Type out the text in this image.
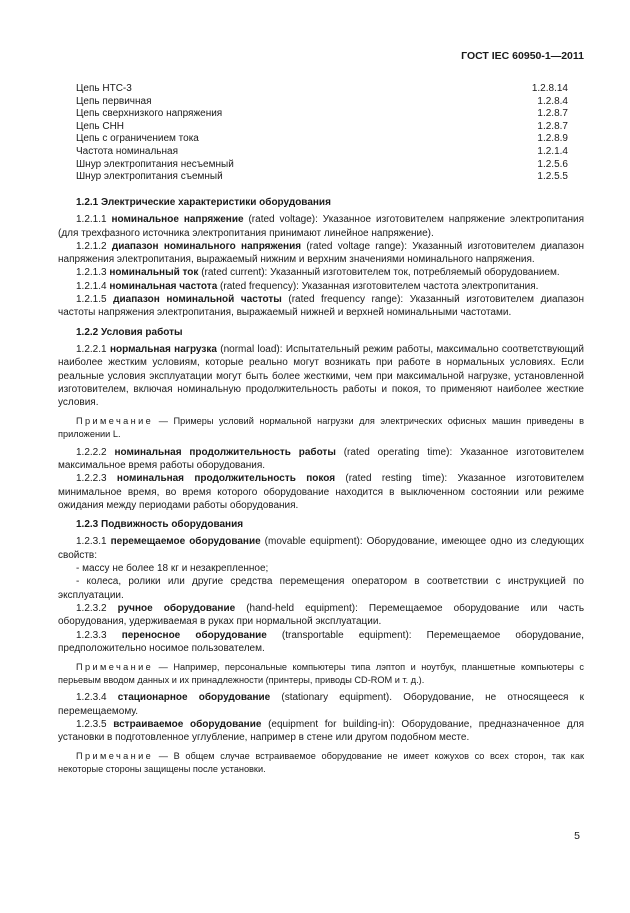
ГОСТ IEC 60950-1—2011
Цепь НТС-3	1.2.8.14
Цепь первичная	1.2.8.4
Цепь сверхнизкого напряжения	1.2.8.7
Цепь СНН	1.2.8.7
Цепь с ограничением тока	1.2.8.9
Частота номинальная	1.2.1.4
Шнур электропитания несъемный	1.2.5.6
Шнур электропитания съемный	1.2.5.5

1.2.1 Электрические характеристики оборудования

1.2.1.1 номинальное напряжение (rated voltage): Указанное изготовителем напряжение электропитания (для трехфазного источника электропитания принимают линейное напряжение).

1.2.1.2 диапазон номинального напряжения (rated voltage range): Указанный изготовителем диапазон напряжения электропитания, выражаемый нижним и верхним значениями номинального напряжения.

1.2.1.3 номинальный ток (rated current): Указанный изготовителем ток, потребляемый оборудованием.

1.2.1.4 номинальная частота (rated frequency): Указанная изготовителем частота электропитания.

1.2.1.5 диапазон номинальной частоты (rated frequency range): Указанный изготовителем диапазон частоты напряжения электропитания, выражаемый нижней и верхней номинальными частотами.

1.2.2 Условия работы

1.2.2.1 нормальная нагрузка (normal load): Испытательный режим работы, максимально соответствующий наиболее жестким условиям, которые реально могут возникать при работе в нормальных условиях. Если реальные условия эксплуатации могут быть более жесткими, чем при максимальной нагрузке, установленной изготовителем, включая номинальную продолжительность работы и покоя, то применяют наиболее жесткие условия.

Примечание — Примеры условий нормальной нагрузки для электрических офисных машин приведены в приложении L.

1.2.2.2 номинальная продолжительность работы (rated operating time): Указанное изготовителем максимальное время работы оборудования.

1.2.2.3 номинальная продолжительность покоя (rated resting time): Указанное изготовителем минимальное время, во время которого оборудование находится в выключенном состоянии или режиме ожидания между периодами работы оборудования.

1.2.3 Подвижность оборудования

1.2.3.1 перемещаемое оборудование (movable equipment): Оборудование, имеющее одно из следующих свойств:

- массу не более 18 кг и незакрепленное;

- колеса, ролики или другие средства перемещения оператором в соответствии с инструкцией по эксплуатации.

1.2.3.2 ручное оборудование (hand-held equipment): Перемещаемое оборудование или часть оборудования, удерживаемая в руках при нормальной эксплуатации.

1.2.3.3 переносное оборудование (transportable equipment): Перемещаемое оборудование, предположительно носимое пользователем.

Примечание — Например, персональные компьютеры типа лэптоп и ноутбук, планшетные компьютеры с перьевым вводом данных и их принадлежности (принтеры, приводы CD-ROM и т. д.).

1.2.3.4 стационарное оборудование (stationary equipment). Оборудование, не относящееся к перемещаемому.

1.2.3.5 встраиваемое оборудование (equipment for building-in): Оборудование, предназначенное для установки в подготовленное углубление, например в стене или другом подобном месте.

Примечание — В общем случае встраиваемое оборудование не имеет кожухов со всех сторон, так как некоторые стороны защищены после установки.

5
